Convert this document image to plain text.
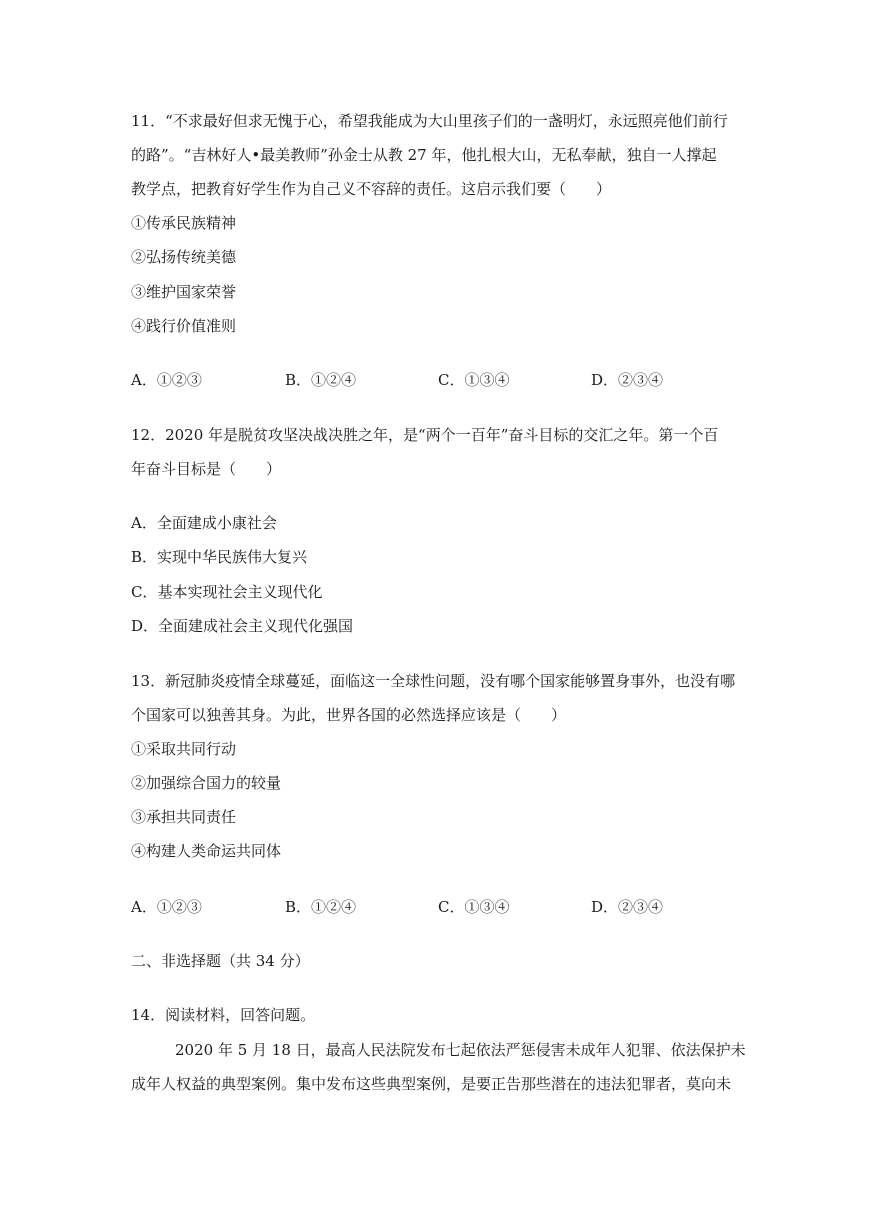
11．“不求最好但求无愧于心，希望我能成为大山里孩子们的一盏明灯，永远照亮他们前行
的路”。“吉林好人•最美教师”孙金士从教 27 年，他扎根大山，无私奉献，独自一人撑起
教学点，把教育好学生作为自己义不容辞的责任。这启示我们要（　　）
①传承民族精神
②弘扬传统美德
③维护国家荣誉
④践行价值准则
A．①②③	B．①②④	C．①③④	D．②③④
12．2020 年是脱贫攻坚决战决胜之年，是“两个一百年”奋斗目标的交汇之年。第一个百
年奋斗目标是（　　）
A．全面建成小康社会
B．实现中华民族伟大复兴
C．基本实现社会主义现代化
D．全面建成社会主义现代化强国
13．新冠肺炎疫情全球蔓延，面临这一全球性问题，没有哪个国家能够置身事外，也没有哪
个国家可以独善其身。为此，世界各国的必然选择应该是（　　）
①采取共同行动
②加强综合国力的较量
③承担共同责任
④构建人类命运共同体
A．①②③	B．①②④	C．①③④	D．②③④
二、非选择题（共 34 分）
14．阅读材料，回答问题。
2020 年 5 月 18 日，最高人民法院发布七起依法严惩侵害未成年人犯罪、依法保护未
成年人权益的典型案例。集中发布这些典型案例，是要正告那些潜在的违法犯罪者，莫向未
